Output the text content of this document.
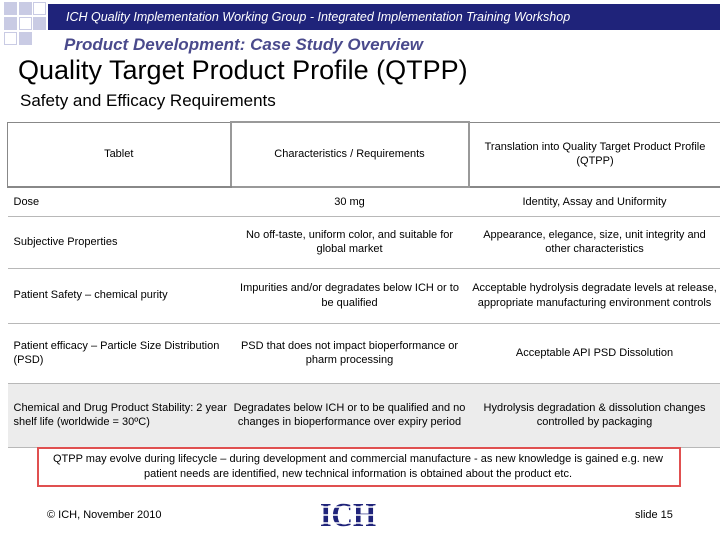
ICH Quality Implementation Working Group - Integrated Implementation Training Workshop
Product Development: Case Study Overview
Quality Target Product Profile (QTPP)
Safety and Efficacy Requirements
Tablet	Characteristics / Requirements	Translation into Quality Target Product Profile (QTPP)
Dose	30 mg	Identity, Assay and Uniformity
Subjective Properties	No off-taste, uniform color, and suitable for global market	Appearance, elegance, size, unit integrity and other characteristics
Patient Safety – chemical purity	Impurities and/or degradates below ICH or to be qualified	Acceptable hydrolysis degradate levels at release, appropriate manufacturing environment controls
Patient efficacy – Particle Size Distribution (PSD)	PSD that does not impact bioperformance or pharm processing	Acceptable API PSD Dissolution
Chemical and Drug Product Stability: 2 year shelf life (worldwide = 30ºC)	Degradates below ICH or to be qualified and no changes in bioperformance over expiry period	Hydrolysis degradation & dissolution changes controlled by packaging
QTPP may evolve during lifecycle – during development and commercial manufacture - as new knowledge is gained e.g. new patient needs are identified, new technical information is obtained about the product etc.
© ICH, November 2010	ICH	slide 15
